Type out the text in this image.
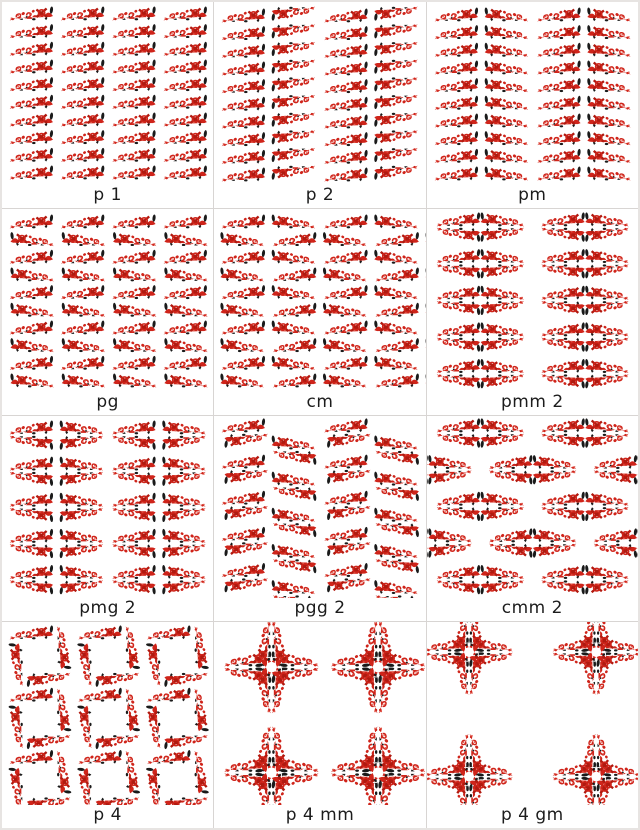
p 1	p 2	pm
pg	cm	pmm 2
pmg 2	pgg 2	cmm 2
p 4	p 4 mm	p 4 gm
